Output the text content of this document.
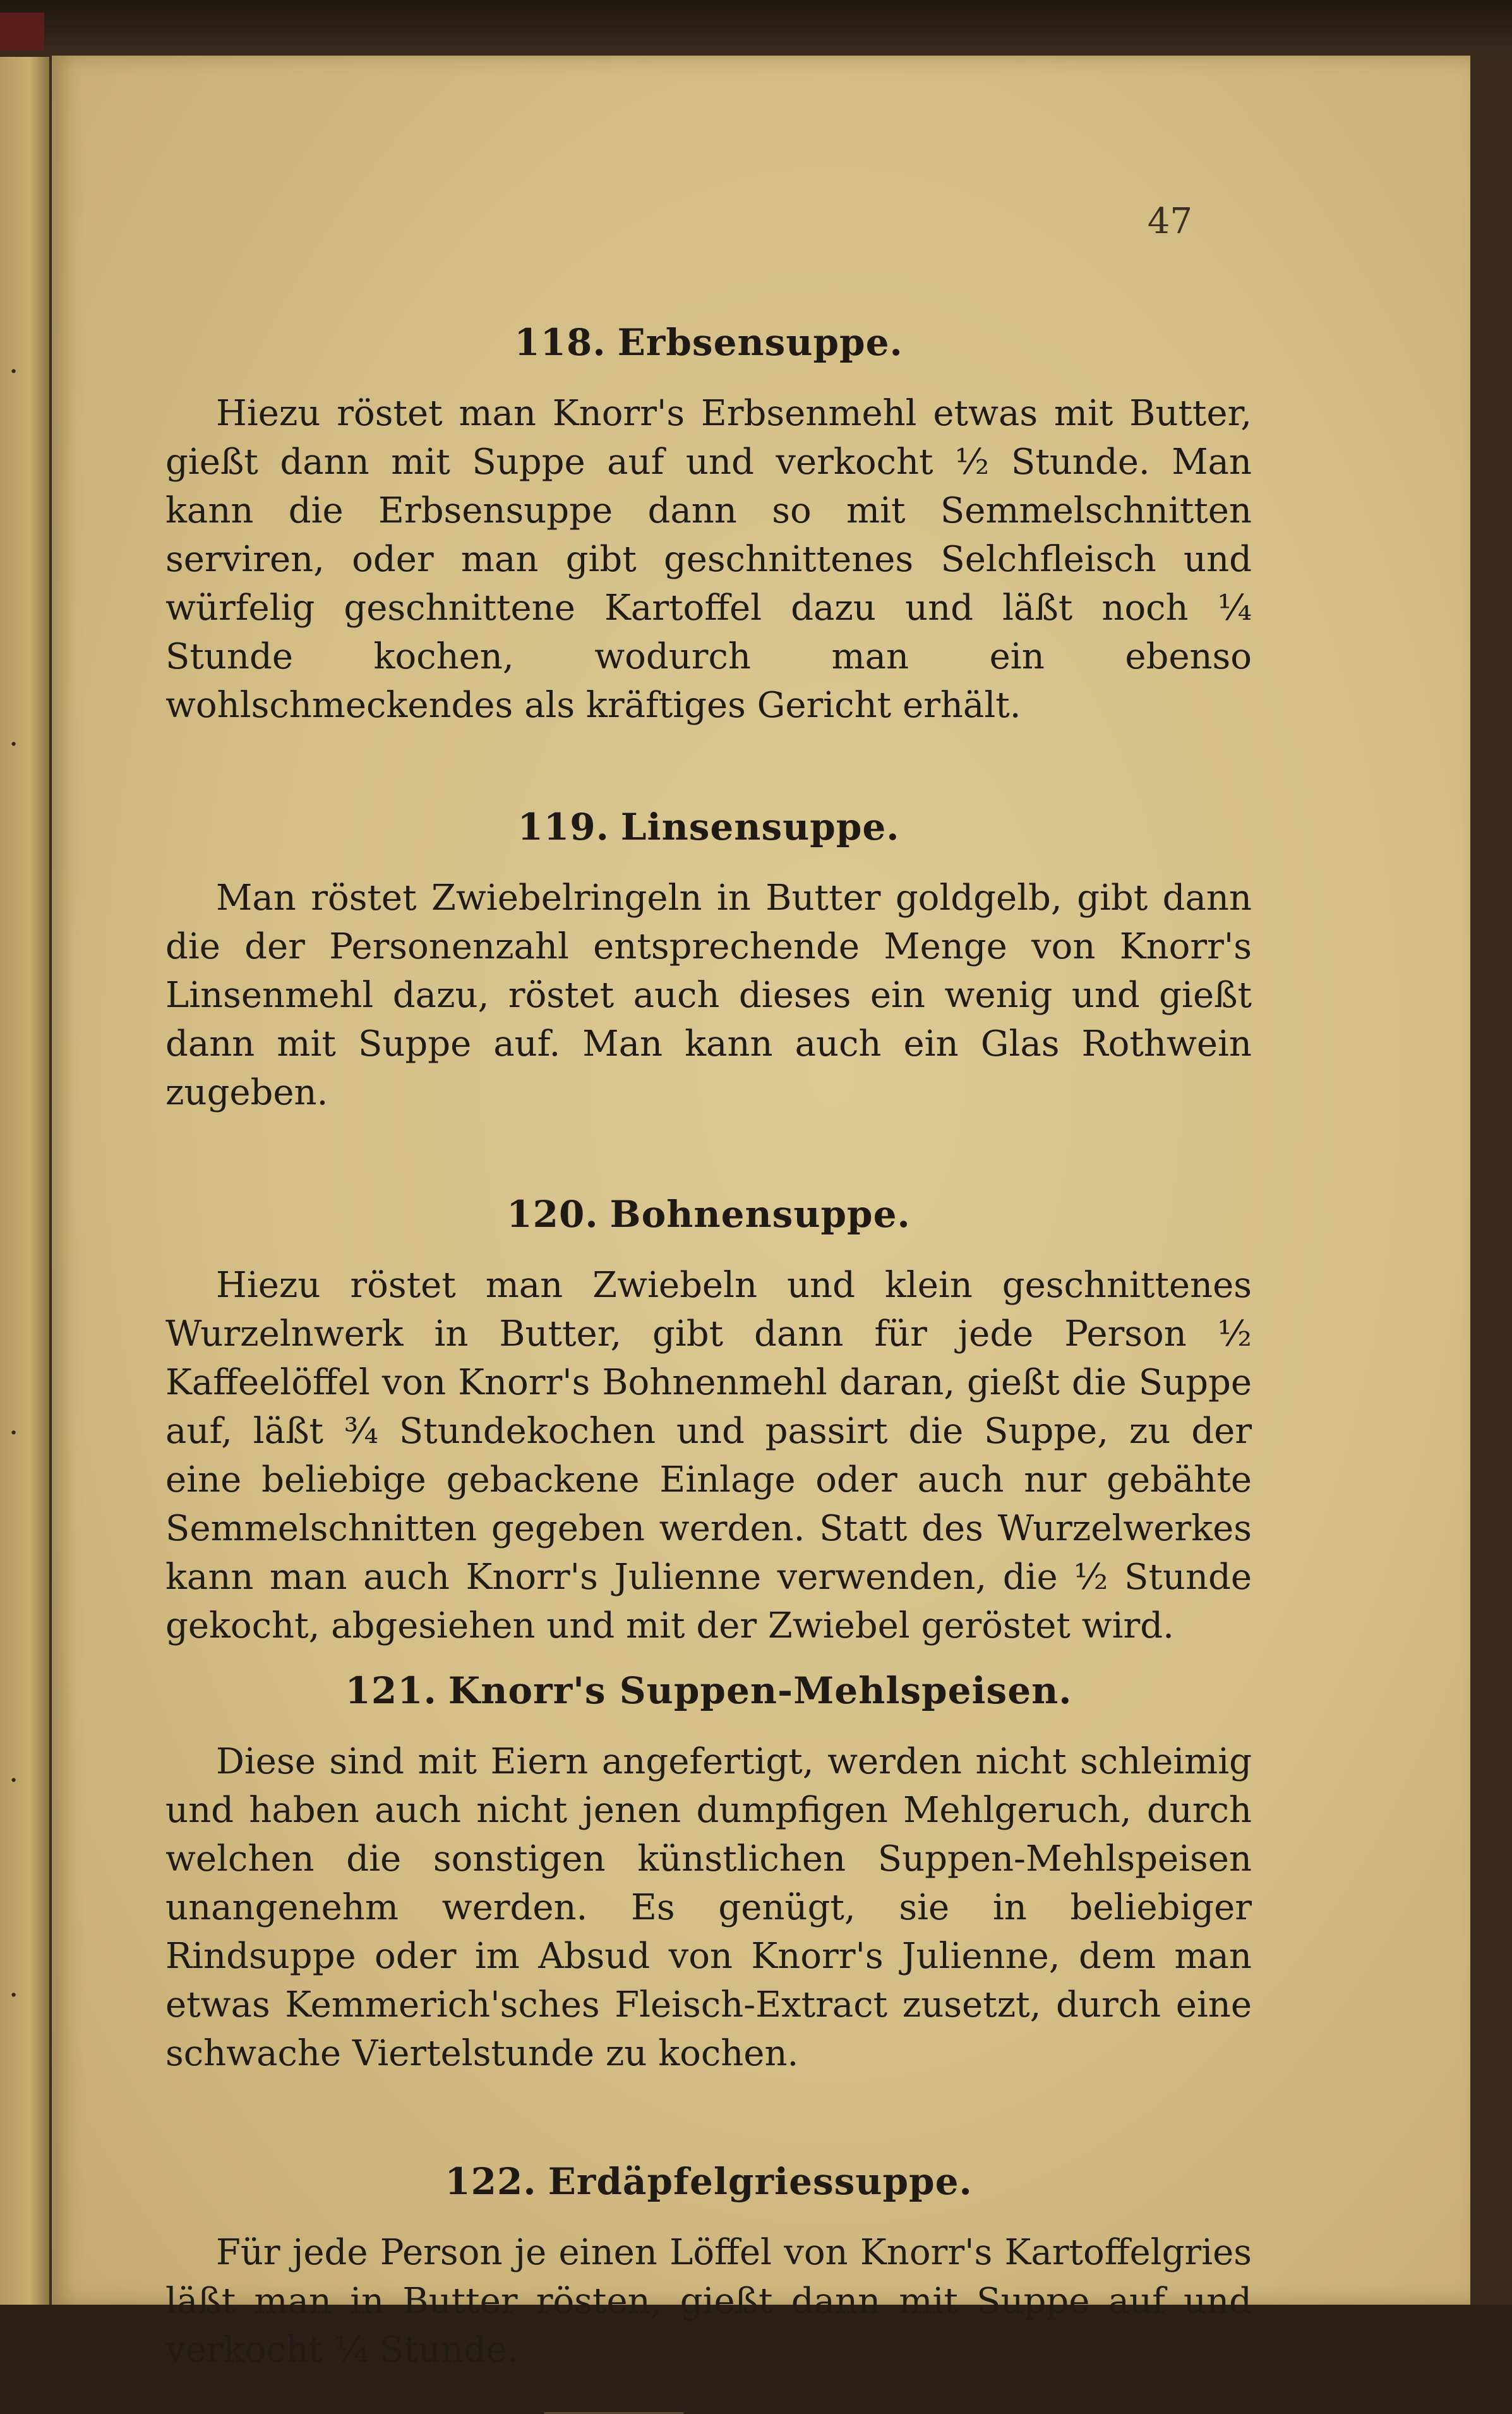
·
·
·
·
·
47
118. Erbsensuppe.

Hiezu röstet man Knorr's Erbsenmehl etwas mit Butter, gießt dann mit Suppe auf und verkocht ½ Stunde. Man kann die Erbsensuppe dann so mit Semmelschnitten serviren, oder man gibt geschnittenes Selchfleisch und würfelig geschnittene Kartoffel dazu und läßt noch ¼ Stunde kochen, wodurch man ein ebenso wohlschmeckendes als kräftiges Gericht erhält.

119. Linsensuppe.

Man röstet Zwiebelringeln in Butter goldgelb, gibt dann die der Personenzahl entsprechende Menge von Knorr's Linsenmehl dazu, röstet auch dieses ein wenig und gießt dann mit Suppe auf. Man kann auch ein Glas Rothwein zugeben.

120. Bohnensuppe.

Hiezu röstet man Zwiebeln und klein geschnittenes Wurzelnwerk in Butter, gibt dann für jede Person ½ Kaffeelöffel von Knorr's Bohnenmehl daran, gießt die Suppe auf, läßt ¾ Stundekochen und passirt die Suppe, zu der eine beliebige gebackene Einlage oder auch nur gebähte Semmelschnitten gegeben werden. Statt des Wurzelwerkes kann man auch Knorr's Julienne verwenden, die ½ Stunde gekocht, abgesiehen und mit der Zwiebel geröstet wird.

121. Knorr's Suppen-Mehlspeisen.

Diese sind mit Eiern angefertigt, werden nicht schleimig und haben auch nicht jenen dumpfigen Mehlgeruch, durch welchen die sonstigen künstlichen Suppen-Mehlspeisen unangenehm werden. Es genügt, sie in beliebiger Rindsuppe oder im Absud von Knorr's Julienne, dem man etwas Kemmerich'sches Fleisch-Extract zusetzt, durch eine schwache Viertelstunde zu kochen.

122. Erdäpfelgriessuppe.

Für jede Person je einen Löffel von Knorr's Kartoffelgries läßt man in Butter rösten, gießt dann mit Suppe auf und verkocht ¼ Stunde.
